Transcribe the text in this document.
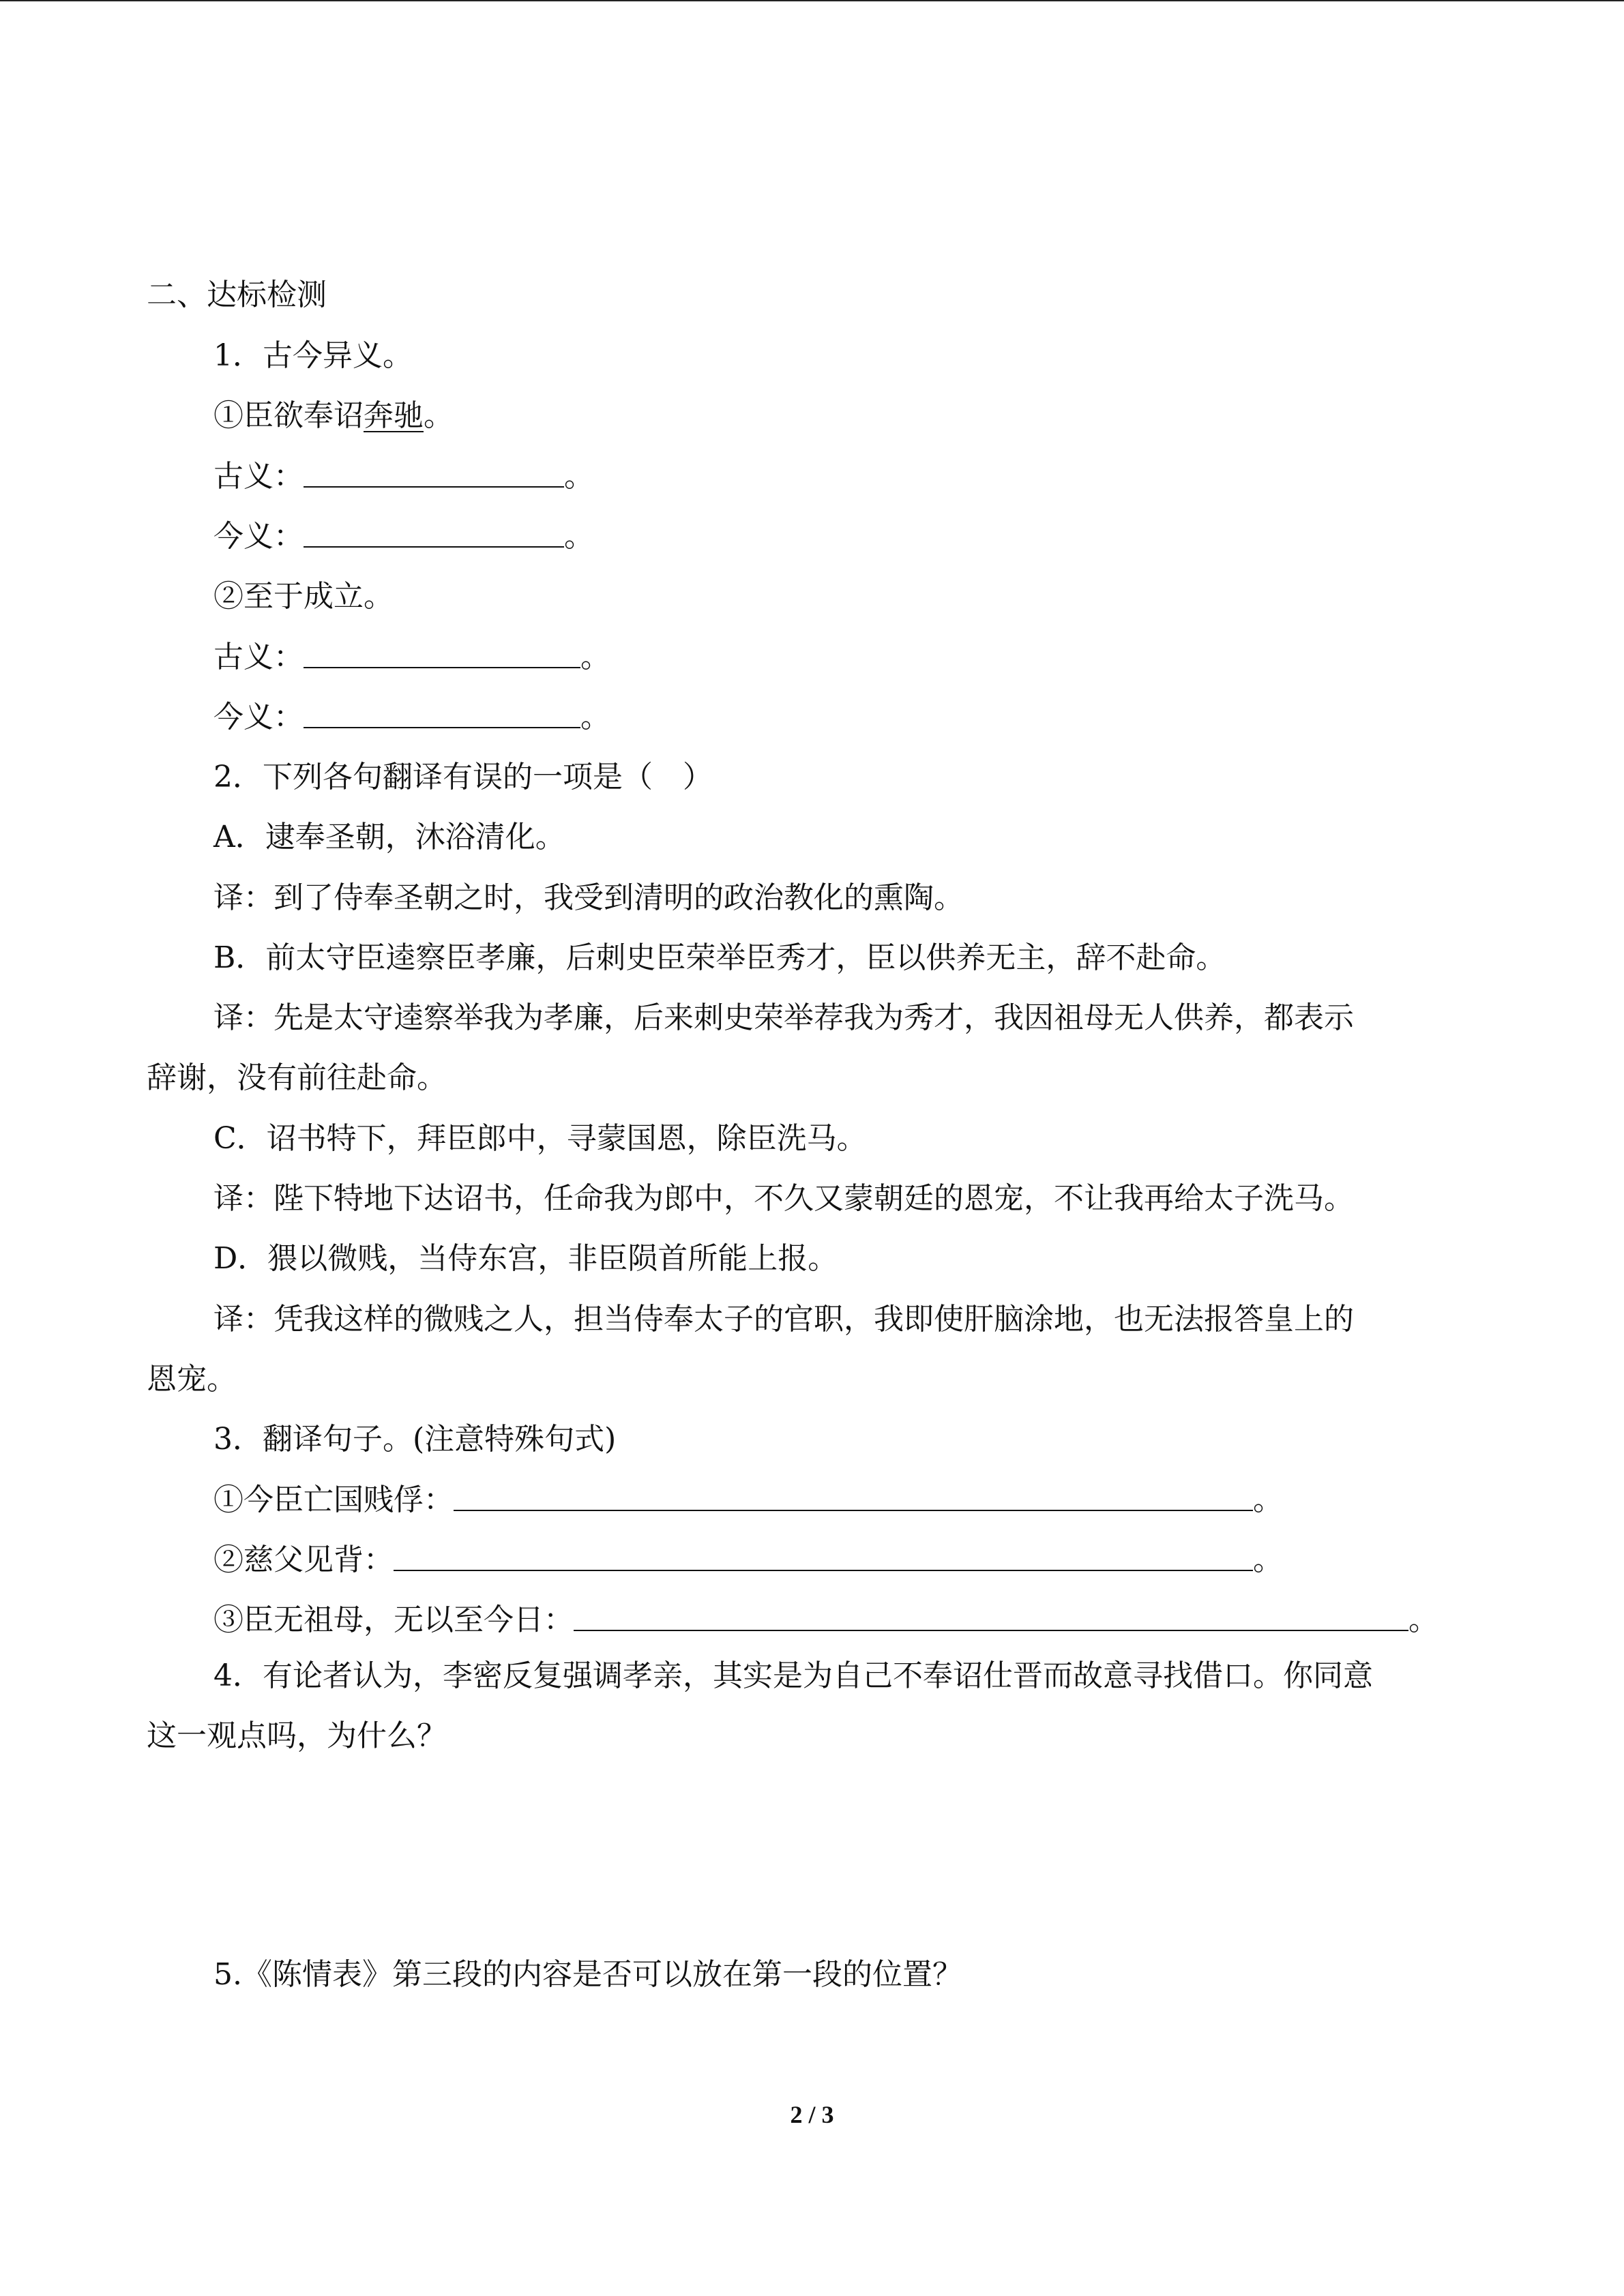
二、达标检测
1．古今异义。
①臣欲奉诏奔驰。
古义：	。
今义：	。
②至于成立。
古义：	。
今义：	。
2．下列各句翻译有误的一项是（　）
A．逮奉圣朝，沐浴清化。
译：到了侍奉圣朝之时，我受到清明的政治教化的熏陶。
B．前太守臣逵察臣孝廉，后刺史臣荣举臣秀才，臣以供养无主，辞不赴命。
译：先是太守逵察举我为孝廉，后来刺史荣举荐我为秀才，我因祖母无人供养，都表示
辞谢，没有前往赴命。
C．诏书特下，拜臣郎中，寻蒙国恩，除臣洗马。
译：陛下特地下达诏书，任命我为郎中，不久又蒙朝廷的恩宠，不让我再给太子洗马。
D．猥以微贱，当侍东宫，非臣陨首所能上报。
译：凭我这样的微贱之人，担当侍奉太子的官职，我即使肝脑涂地，也无法报答皇上的
恩宠。
3．翻译句子。(注意特殊句式)
①今臣亡国贱俘：	。
②慈父见背：	。
③臣无祖母，无以至今日：	。
4．有论者认为，李密反复强调孝亲，其实是为自己不奉诏仕晋而故意寻找借口。你同意
这一观点吗，为什么？
5.《陈情表》第三段的内容是否可以放在第一段的位置？
2 / 3
